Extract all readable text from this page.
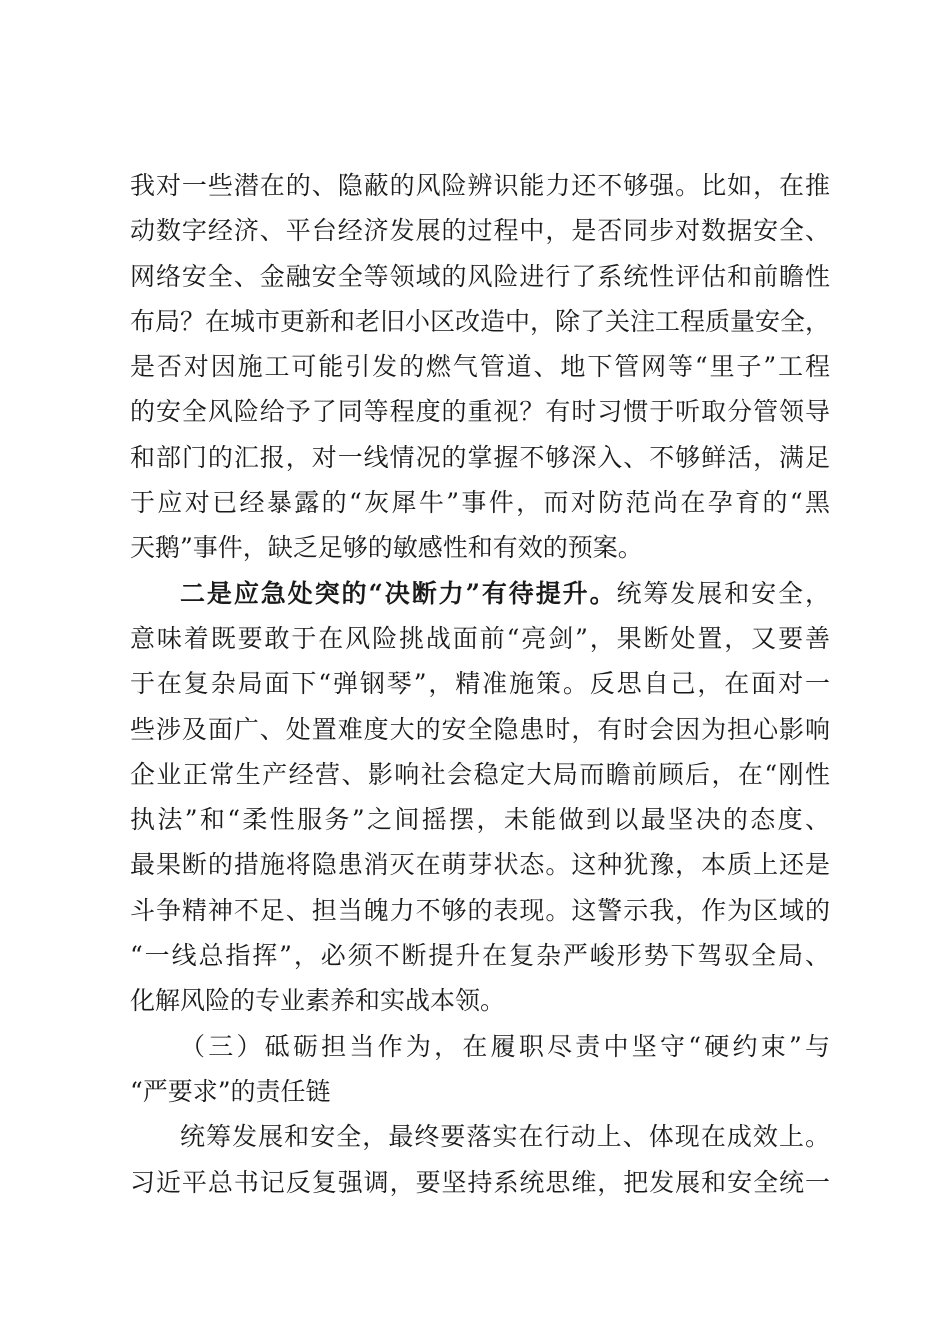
我对一些潜在的、隐蔽的风险辨识能力还不够强。比如，在推
动数字经济、平台经济发展的过程中，是否同步对数据安全、
网络安全、金融安全等领域的风险进行了系统性评估和前瞻性
布局？在城市更新和老旧小区改造中，除了关注工程质量安全，
是否对因施工可能引发的燃气管道、地下管网等“里子”工程
的安全风险给予了同等程度的重视？有时习惯于听取分管领导
和部门的汇报，对一线情况的掌握不够深入、不够鲜活，满足
于应对已经暴露的“灰犀牛”事件，而对防范尚在孕育的“黑
天鹅”事件，缺乏足够的敏感性和有效的预案。
二是应急处突的“决断力”有待提升。统筹发展和安全，
意味着既要敢于在风险挑战面前“亮剑”，果断处置，又要善
于在复杂局面下“弹钢琴”，精准施策。反思自己，在面对一
些涉及面广、处置难度大的安全隐患时，有时会因为担心影响
企业正常生产经营、影响社会稳定大局而瞻前顾后，在“刚性
执法”和“柔性服务”之间摇摆，未能做到以最坚决的态度、
最果断的措施将隐患消灭在萌芽状态。这种犹豫，本质上还是
斗争精神不足、担当魄力不够的表现。这警示我，作为区域的
“一线总指挥”，必须不断提升在复杂严峻形势下驾驭全局、
化解风险的专业素养和实战本领。
（三）砥砺担当作为，在履职尽责中坚守“硬约束”与
“严要求”的责任链
统筹发展和安全，最终要落实在行动上、体现在成效上。
习近平总书记反复强调，要坚持系统思维，把发展和安全统一
